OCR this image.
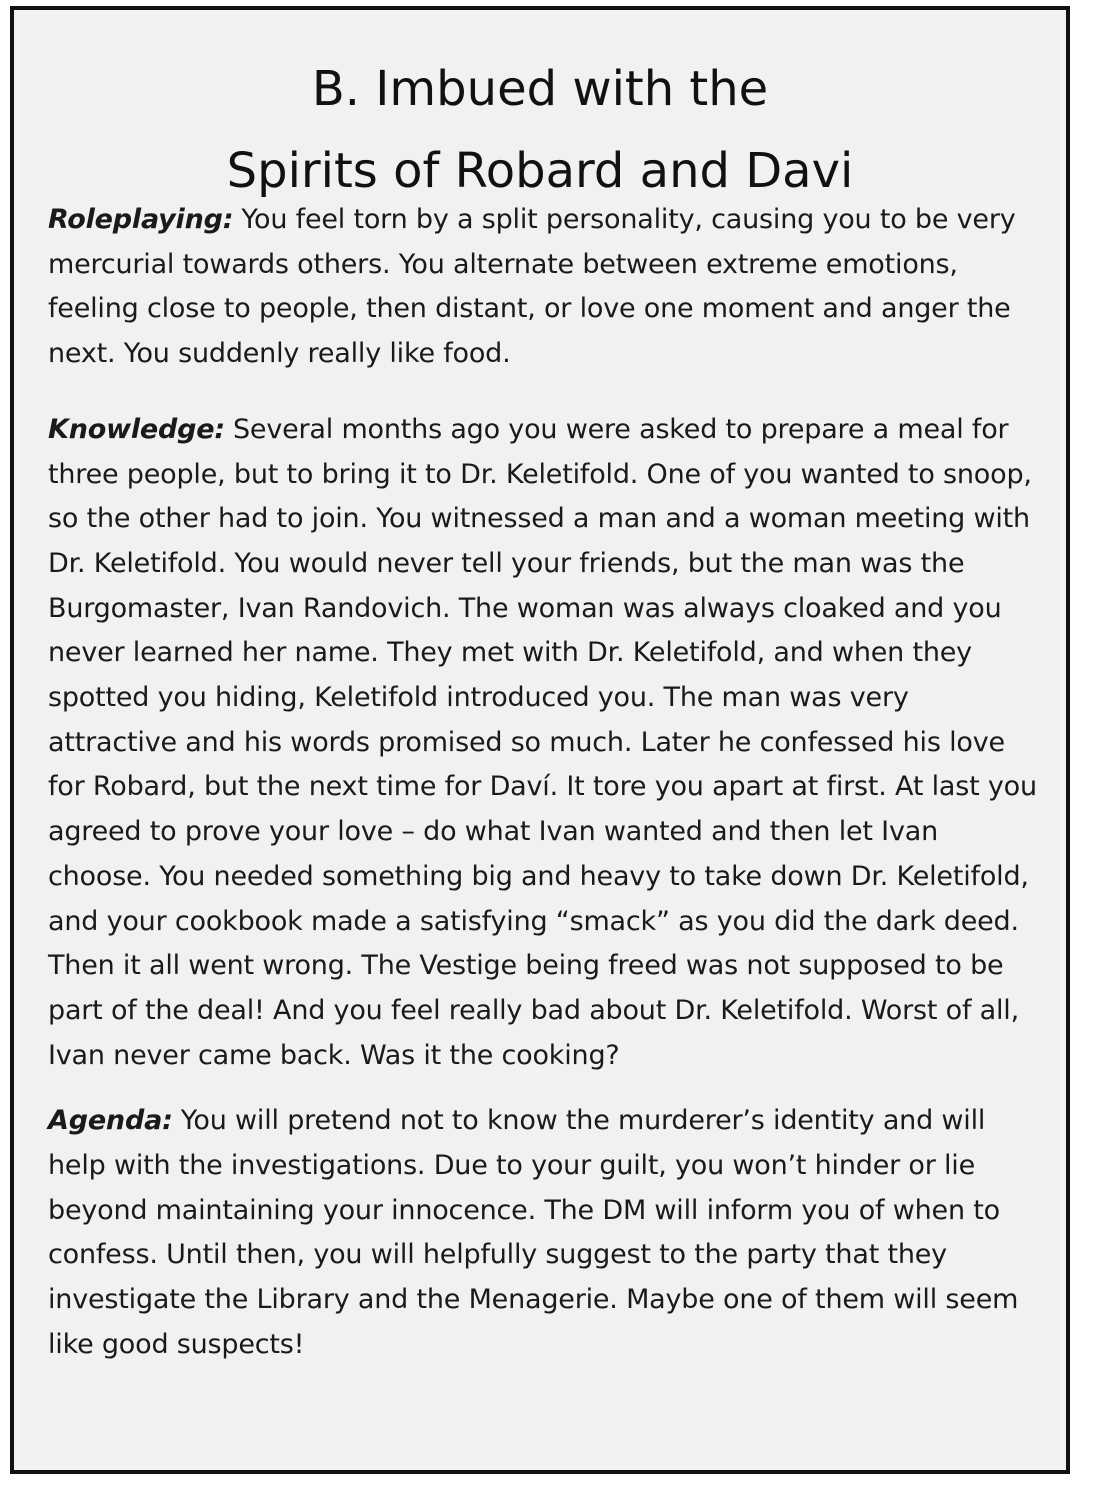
B. Imbued with the
Spirits of Robard and Davi

Roleplaying: You feel torn by a split personality, causing you to be very mercurial towards others. You alternate between extreme emotions, feeling close to people, then distant, or love one moment and anger the next. You suddenly really like food.

Knowledge: Several months ago you were asked to prepare a meal for three people, but to bring it to Dr. Keletifold. One of you wanted to snoop, so the other had to join. You witnessed a man and a woman meeting with Dr. Keletifold. You would never tell your friends, but the man was the Burgomaster, Ivan Randovich. The woman was always cloaked and you never learned her name. They met with Dr. Keletifold, and when they spotted you hiding, Keletifold introduced you. The man was very attractive and his words promised so much. Later he confessed his love for Robard, but the next time for Daví. It tore you apart at first. At last you agreed to prove your love – do what Ivan wanted and then let Ivan choose. You needed something big and heavy to take down Dr. Keletifold, and your cookbook made a satisfying “smack” as you did the dark deed. Then it all went wrong. The Vestige being freed was not supposed to be part of the deal! And you feel really bad about Dr. Keletifold. Worst of all, Ivan never came back. Was it the cooking?

Agenda: You will pretend not to know the murderer’s identity and will help with the investigations. Due to your guilt, you won’t hinder or lie beyond maintaining your innocence. The DM will inform you of when to confess. Until then, you will helpfully suggest to the party that they investigate the Library and the Menagerie. Maybe one of them will seem like good suspects!
